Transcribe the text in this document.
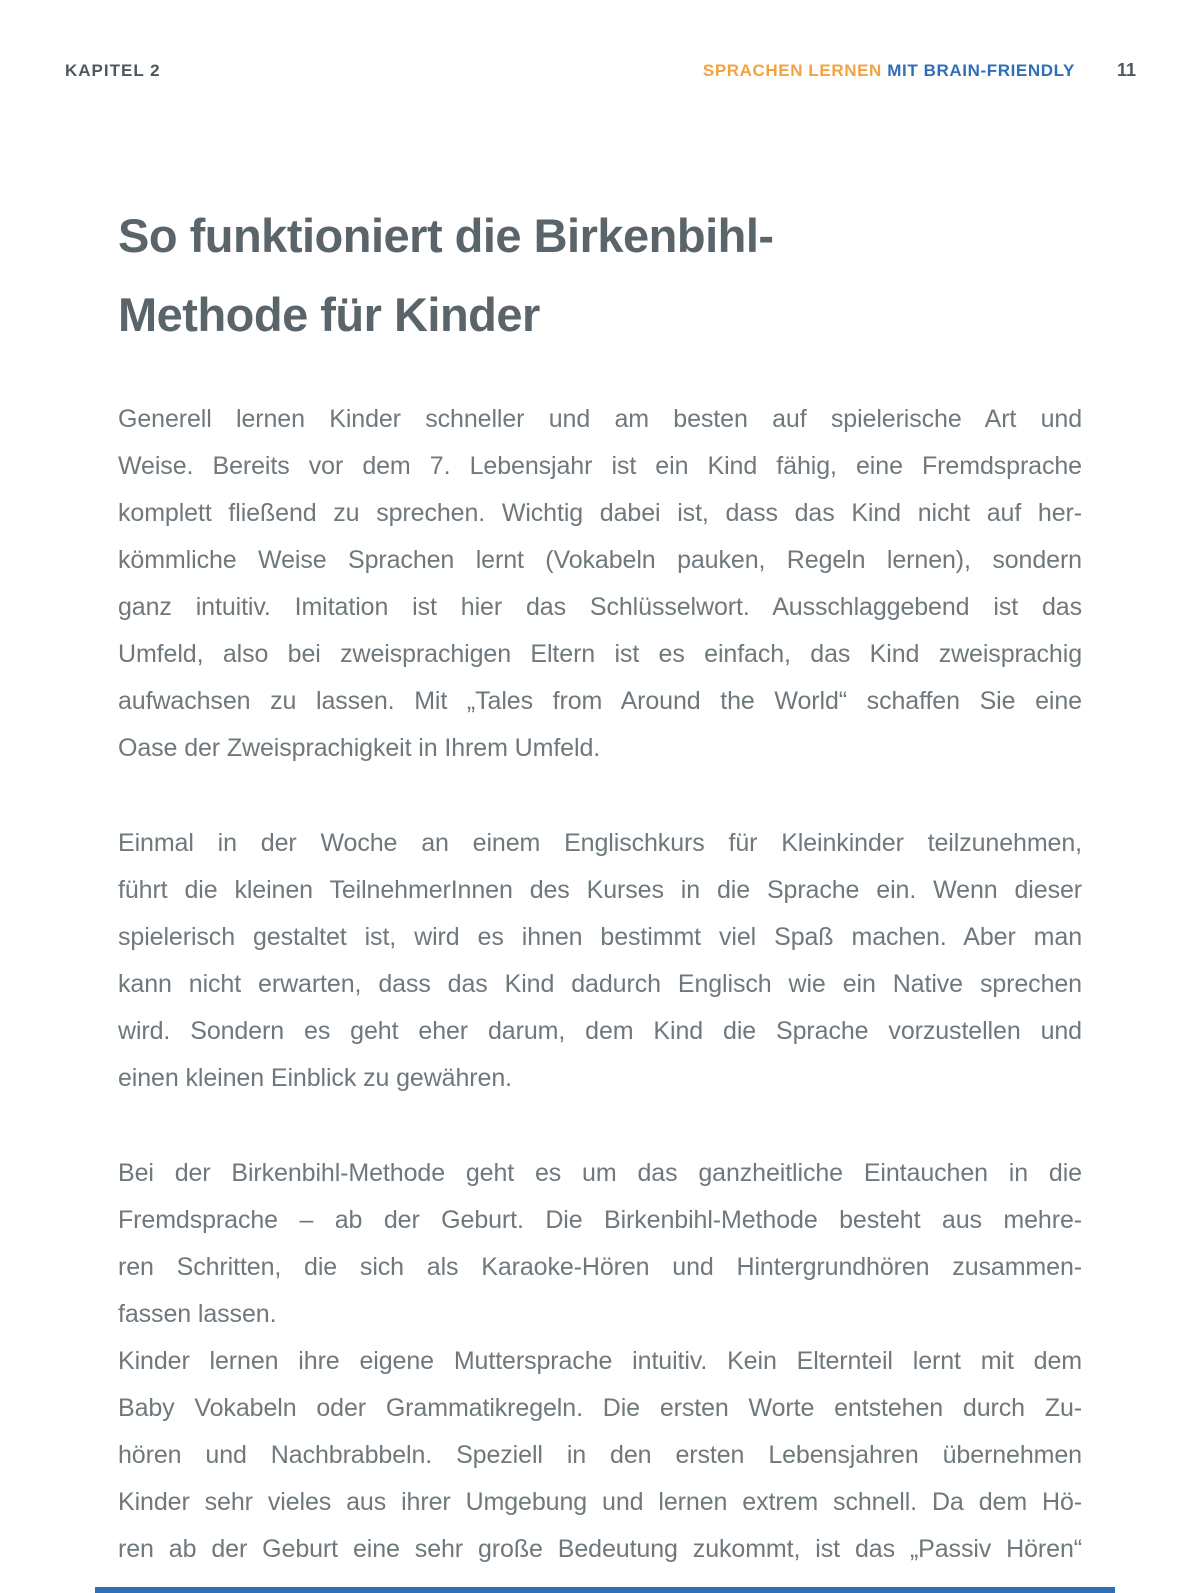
KAPITEL 2	SPRACHEN LERNEN MIT BRAIN-FRIENDLY 11
So funktioniert die Birkenbihl-
Methode für Kinder
Generell lernen Kinder schneller und am besten auf spielerische Art und
Weise. Bereits vor dem 7. Lebensjahr ist ein Kind fähig, eine Fremdsprache
komplett fließend zu sprechen. Wichtig dabei ist, dass das Kind nicht auf her-
kömmliche Weise Sprachen lernt (Vokabeln pauken, Regeln lernen), sondern
ganz intuitiv. Imitation ist hier das Schlüsselwort. Ausschlaggebend ist das
Umfeld, also bei zweisprachigen Eltern ist es einfach, das Kind zweisprachig
aufwachsen zu lassen. Mit „Tales from Around the World“ schaffen Sie eine
Oase der Zweisprachigkeit in Ihrem Umfeld.
Einmal in der Woche an einem Englischkurs für Kleinkinder teilzunehmen,
führt die kleinen TeilnehmerInnen des Kurses in die Sprache ein. Wenn dieser
spielerisch gestaltet ist, wird es ihnen bestimmt viel Spaß machen. Aber man
kann nicht erwarten, dass das Kind dadurch Englisch wie ein Native sprechen
wird. Sondern es geht eher darum, dem Kind die Sprache vorzustellen und
einen kleinen Einblick zu gewähren.
Bei der Birkenbihl-Methode geht es um das ganzheitliche Eintauchen in die
Fremdsprache – ab der Geburt. Die Birkenbihl-Methode besteht aus mehre-
ren Schritten, die sich als Karaoke-Hören und Hintergrundhören zusammen-
fassen lassen.
Kinder lernen ihre eigene Muttersprache intuitiv. Kein Elternteil lernt mit dem
Baby Vokabeln oder Grammatikregeln. Die ersten Worte entstehen durch Zu-
hören und Nachbrabbeln. Speziell in den ersten Lebensjahren übernehmen
Kinder sehr vieles aus ihrer Umgebung und lernen extrem schnell. Da dem Hö-
ren ab der Geburt eine sehr große Bedeutung zukommt, ist das „Passiv Hören“
